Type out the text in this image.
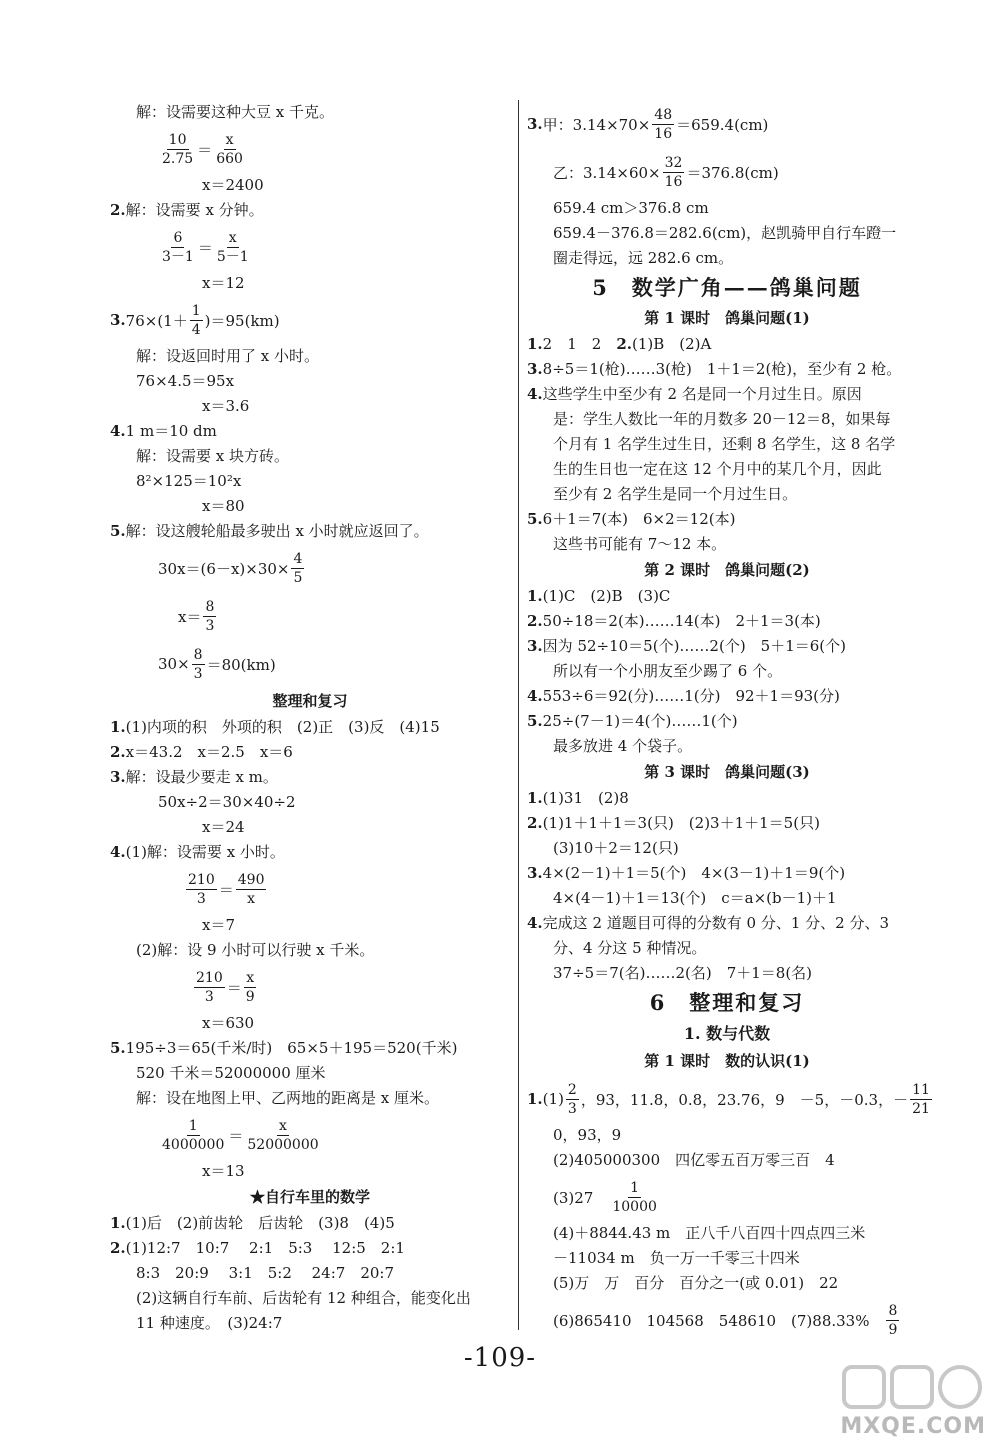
解：设需要这种大豆 x 千克。
$\frac{10}{2.75} = \frac{x}{660}$
x＝2400
2.解：设需要 x 分钟。
$\frac{6}{3-1} = \frac{x}{5-1}$
x＝12
3. $76\times(1+ \frac{1}{4} )=95(km)$
解：设返回时用了 x 小时。
76×4.5＝95x
x＝3.6
4.1 m＝10 dm
解：设需要 x 块方砖。
8²×125＝10²x
x＝80
5.解：设这艘轮船最多驶出 x 小时就应返回了。
$30x=(6-x)\times 30\times \frac{4}{5}$
$x= \frac{8}{3}$
$30\times \frac{8}{3} =80(km)$
整理和复习
1.(1)内项的积　外项的积　(2)正　(3)反　(4)15
2.x＝43.2　x＝2.5　x＝6
3.解：设最少要走 x m。
50x÷2＝30×40÷2
x＝24
4.(1)解：设需要 x 小时。
$\frac{210}{3} = \frac{490}{x}$
x＝7
(2)解：设 9 小时可以行驶 x 千米。
$\frac{210}{3} = \frac{x}{9}$
x＝630
5.195÷3＝65(千米/时)　65×5＋195＝520(千米)
520 千米＝52000000 厘米
解：设在地图上甲、乙两地的距离是 x 厘米。
$\frac{1}{4000000} = \frac{x}{52000000}$
x＝13
★自行车里的数学
1.(1)后　(2)前齿轮　后齿轮　(3)8　(4)5
2.(1)12:7　10:7　 2:1　5:3　 12:5　2:1
8:3　20:9　 3:1　5:2　 24:7　20:7
(2)这辆自行车前、后齿轮有 12 种组合，能变化出
11 种速度。　(3)24:7
3. 甲：$3.14\times 70\times \frac{48}{16} =659.4(cm)$
乙：$3.14\times 60\times \frac{32}{16} =376.8(cm)$
659.4 cm＞376.8 cm
659.4－376.8＝282.6(cm)，赵凯骑甲自行车蹬一
圈走得远，远 282.6 cm。
5　数学广角——鸽巢问题
第 1 课时　鸽巢问题(1)
1.2　1　2　2.(1)B　(2)A
3.8÷5＝1(枪)……3(枪)　1＋1＝2(枪)，至少有 2 枪。
4.这些学生中至少有 2 名是同一个月过生日。原因
是：学生人数比一年的月数多 20－12＝8，如果每
个月有 1 名学生过生日，还剩 8 名学生，这 8 名学
生的生日也一定在这 12 个月中的某几个月，因此
至少有 2 名学生是同一个月过生日。
5.6＋1＝7(本)　6×2＝12(本)
这些书可能有 7～12 本。
第 2 课时　鸽巢问题(2)
1.(1)C　(2)B　(3)C
2.50÷18＝2(本)……14(本)　2＋1＝3(本)
3.因为 52÷10＝5(个)……2(个)　5＋1＝6(个)
所以有一个小朋友至少踢了 6 个。
4.553÷6＝92(分)……1(分)　92＋1＝93(分)
5.25÷(7－1)＝4(个)……1(个)
最多放进 4 个袋子。
第 3 课时　鸽巢问题(3)
1.(1)31　(2)8
2.(1)1＋1＋1＝3(只)　(2)3＋1＋1＝5(只)
(3)10＋2＝12(只)
3.4×(2－1)＋1＝5(个)　4×(3－1)＋1＝9(个)
4×(4－1)＋1＝13(个)　c＝a×(b－1)＋1
4.完成这 2 道题目可得的分数有 0 分、1 分、2 分、3
分、4 分这 5 种情况。
37÷5＝7(名)……2(名)　7＋1＝8(名)
6　整理和复习
1. 数与代数
第 1 课时　数的认识(1)
1. $(1) \frac{2}{3}$ ，93，11.8，0.8，23.76，9　－5，－0.3，－ $\frac{11}{21}$
0，93，9
(2)405000300　四亿零五百万零三百　4
(3)27　 $\frac{1}{10000}$
(4)＋8844.43 m　正八千八百四十四点四三米
－11034 m　负一万一千零三十四米
(5)万　万　百分　百分之一(或 0.01)　22
(6)865410　104568　548610　(7)88.33%　 $\frac{8}{9}$
-109-
MXQE.COM
